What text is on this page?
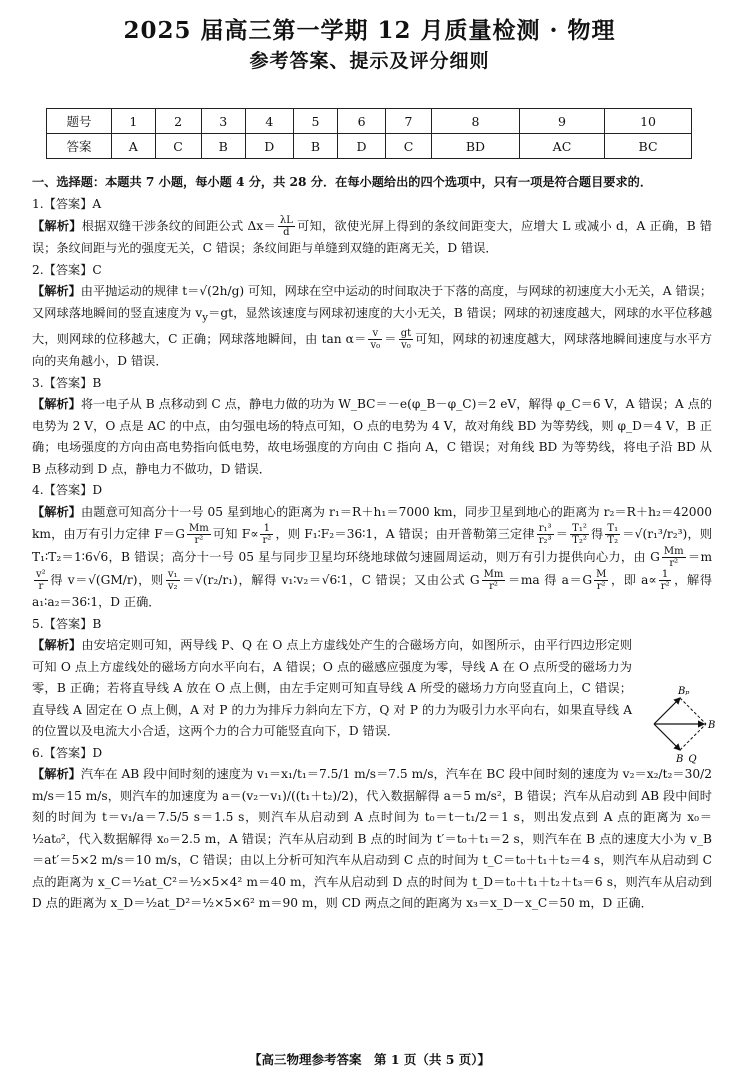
2025 届高三第一学期 12 月质量检测 · 物理
参考答案、提示及评分细则
题号	1	2	3	4	5	6	7	8	9	10
答案	A	C	B	D	B	D	C	BD	AC	BC

一、选择题：本题共 7 小题，每小题 4 分，共 28 分．在每小题给出的四个选项中，只有一项是符合题目要求的．

1.【答案】A

【解析】根据双缝干涉条纹的间距公式 $\Delta x= \frac{\lambda L}{d}$ 可知，欲使光屏上得到的条纹间距变大，应增大 L 或减小 d，A 正确，B 错误；条纹间距与光的强度无关，C 错误；条纹间距与单缝到双缝的距离无关，D 错误．

2.【答案】C

【解析】由平抛运动的规律 t＝√(2h/g) 可知，网球在空中运动的时间取决于下落的高度，与网球的初速度大小无关，A 错误；又网球落地瞬间的竖直速度为 $v_y=gt$，显然该速度与网球初速度的大小无关，B 错误；网球的初速度越大，网球的水平位移越大，则网球的位移越大，C 正确；网球落地瞬间，由 $\tan \alpha= \frac{v}{\text{v₀}} = \frac{gt}{\text{v₀}}$ 可知，网球的初速度越大，网球落地瞬间速度与水平方向的夹角越小，D 错误．

3.【答案】B

【解析】将一电子从 B 点移动到 C 点，静电力做的功为 W_BC＝－e(φ_B－φ_C)＝2 eV，解得 φ_C＝6 V，A 错误；A 点的电势为 2 V，O 点是 AC 的中点，由匀强电场的特点可知，O 点的电势为 4 V，故对角线 BD 为等势线，则 φ_D＝4 V，B 正确；电场强度的方向由高电势指向低电势，故电场强度的方向由 C 指向 A，C 错误；对角线 BD 为等势线，将电子沿 BD 从 B 点移动到 D 点，静电力不做功，D 错误．

4.【答案】D

【解析】由题意可知高分十一号 05 星到地心的距离为 r₁＝R＋h₁＝7000 km，同步卫星到地心的距离为 r₂＝R＋h₂＝42000 km，由万有引力定律 $F=G \frac{Mm}{\text{r²}}$ 可知 $F\propto \frac{1}{\text{r²}}$ ，则 F₁∶F₂＝36∶1，A 错误；由开普勒第三定律 $\frac{\text{r₁³}}{\text{r₂³}} = \frac{\text{T₁²}}{\text{T₂²}}$ 得 $\frac{\text{T₁}}{\text{T₂}} =√(r_1^3/r_2^3)$，则 T₁∶T₂＝1∶6√6，B 错误；高分十一号 05 星与同步卫星均环绕地球做匀速圆周运动，则万有引力提供向心力，由 G $\frac{Mm}{\text{r²}} =m$
$\frac{\text{v²}}{r}$ 得 v＝√(GM/r)，则 $\frac{\text{v₁}}{\text{v₂}} =√(r_2/r_1)$，解得 v₁∶v₂＝√6∶1，C 错误；又由公式 G $\frac{Mm}{\text{r²}} =ma$ 得 $a=G \frac{M}{\text{r²}}$ ，即 $a\propto \frac{1}{\text{r²}}$ ，解得 a₁∶a₂＝36∶1，D 正确．

5.【答案】B

【解析】由安培定则可知，两导线 P、Q 在 O 点上方虚线处产生的合磁场方向，如图所示，由平行四边形定则可知 O 点上方虚线处的磁场方向水平向右，A 错误；O 点的磁感应强度为零，导线 A 在 O 点所受的磁场力为零，B 正确；若将直导线 A 放在 O 点上侧，由左手定则可知直导线 A 所受的磁场力方向竖直向上，C 错误；直导线 A 固定在 O 点上侧，A 对 P 的力为排斥力斜向左下方，Q 对 P 的力为吸引力水平向右，如果直导线 A 的位置以及电流大小合适，这两个力的合力可能竖直向下，D 错误．

6.【答案】D

【解析】汽车在 AB 段中间时刻的速度为 v₁＝x₁/t₁＝7.5/1 m/s＝7.5 m/s，汽车在 BC 段中间时刻的速度为 v₂＝x₂/t₂＝30/2 m/s＝15 m/s，则汽车的加速度为 a＝(v₂－v₁)/((t₁＋t₂)/2)，代入数据解得 a＝5 m/s²，B 错误；汽车从启动到 AB 段中间时刻的时间为 t＝v₁/a＝7.5/5 s＝1.5 s，则汽车从启动到 A 点时间为 t₀＝t－t₁/2＝1 s，则出发点到 A 点的距离为 x₀＝½at₀²，代入数据解得 x₀＝2.5 m，A 错误；汽车从启动到 B 点的时间为 t′＝t₀＋t₁＝2 s，则汽车在 B 点的速度大小为 v_B＝at′＝5×2 m/s＝10 m/s，C 错误；由以上分析可知汽车从启动到 C 点的时间为 t_C＝t₀＋t₁＋t₂＝4 s，则汽车从启动到 C 点的距离为 x_C＝½at_C²＝½×5×4² m＝40 m，汽车从启动到 D 点的时间为 t_D＝t₀＋t₁＋t₂＋t₃＝6 s，则汽车从启动到 D 点的距离为 x_D＝½at_D²＝½×5×6² m＝90 m，则 CD 两点之间的距离为 x₃＝x_D－x_C＝50 m，D 正确．

Bₚ
B
B_Q
【高三物理参考答案　第 1 页（共 5 页）】
